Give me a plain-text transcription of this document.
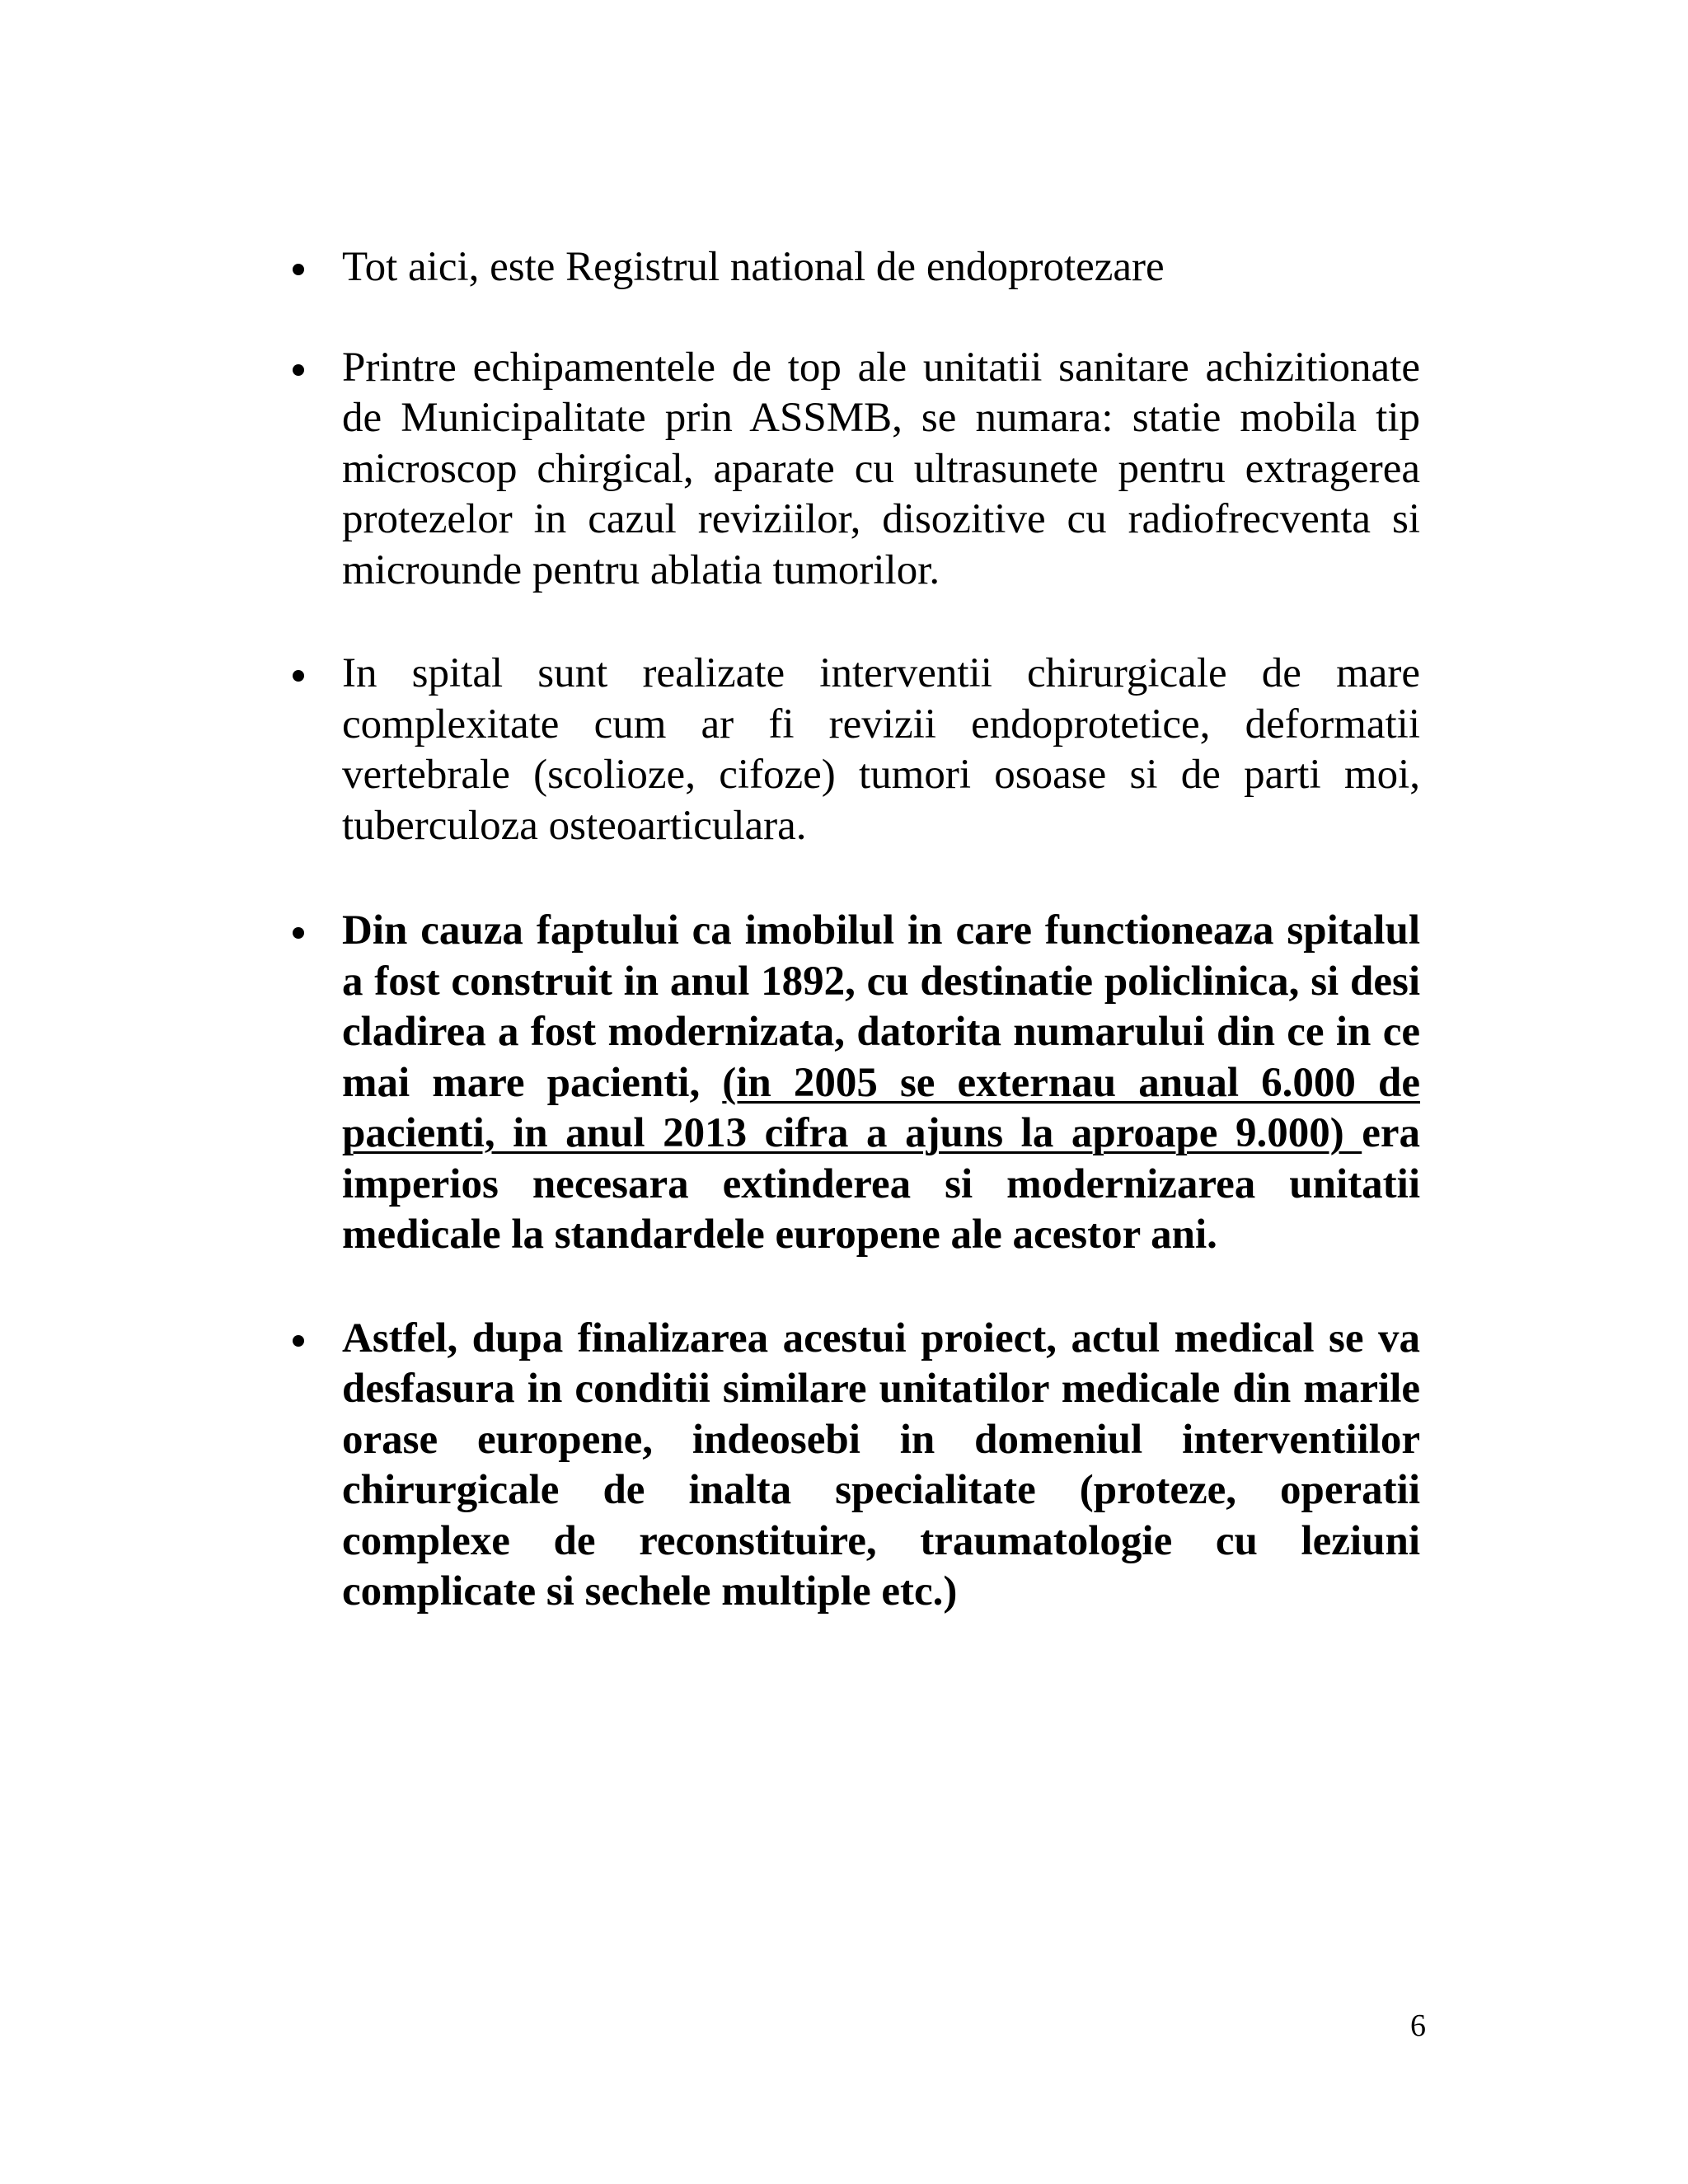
Tot aici, este Registrul national de endoprotezare
Printre echipamentele de top ale unitatii sanitare achizitionate de Municipalitate prin ASSMB, se numara: statie mobila tip microscop chirgical, aparate cu ultrasunete pentru extragerea protezelor in cazul reviziilor, disozitive cu radiofrecventa si microunde pentru ablatia tumorilor.
In spital sunt realizate interventii chirurgicale de mare complexitate cum ar fi revizii endoprotetice, deformatii vertebrale (scolioze, cifoze) tumori osoase si de parti moi, tuberculoza osteoarticulara.
Din cauza faptului ca imobilul in care functioneaza spitalul a fost construit in anul 1892, cu destinatie policlinica, si desi cladirea a fost modernizata, datorita numarului din ce in ce mai mare pacienti, (in 2005 se externau anual 6.000 de pacienti, in anul 2013 cifra a ajuns la aproape 9.000) era imperios necesara extinderea si modernizarea unitatii medicale la standardele europene ale acestor ani.
Astfel, dupa finalizarea acestui proiect, actul medical se va desfasura in conditii similare unitatilor medicale din marile orase europene, indeosebi in domeniul interventiilor chirurgicale de inalta specialitate (proteze, operatii complexe de reconstituire, traumatologie cu leziuni complicate si sechele multiple etc.)
6
